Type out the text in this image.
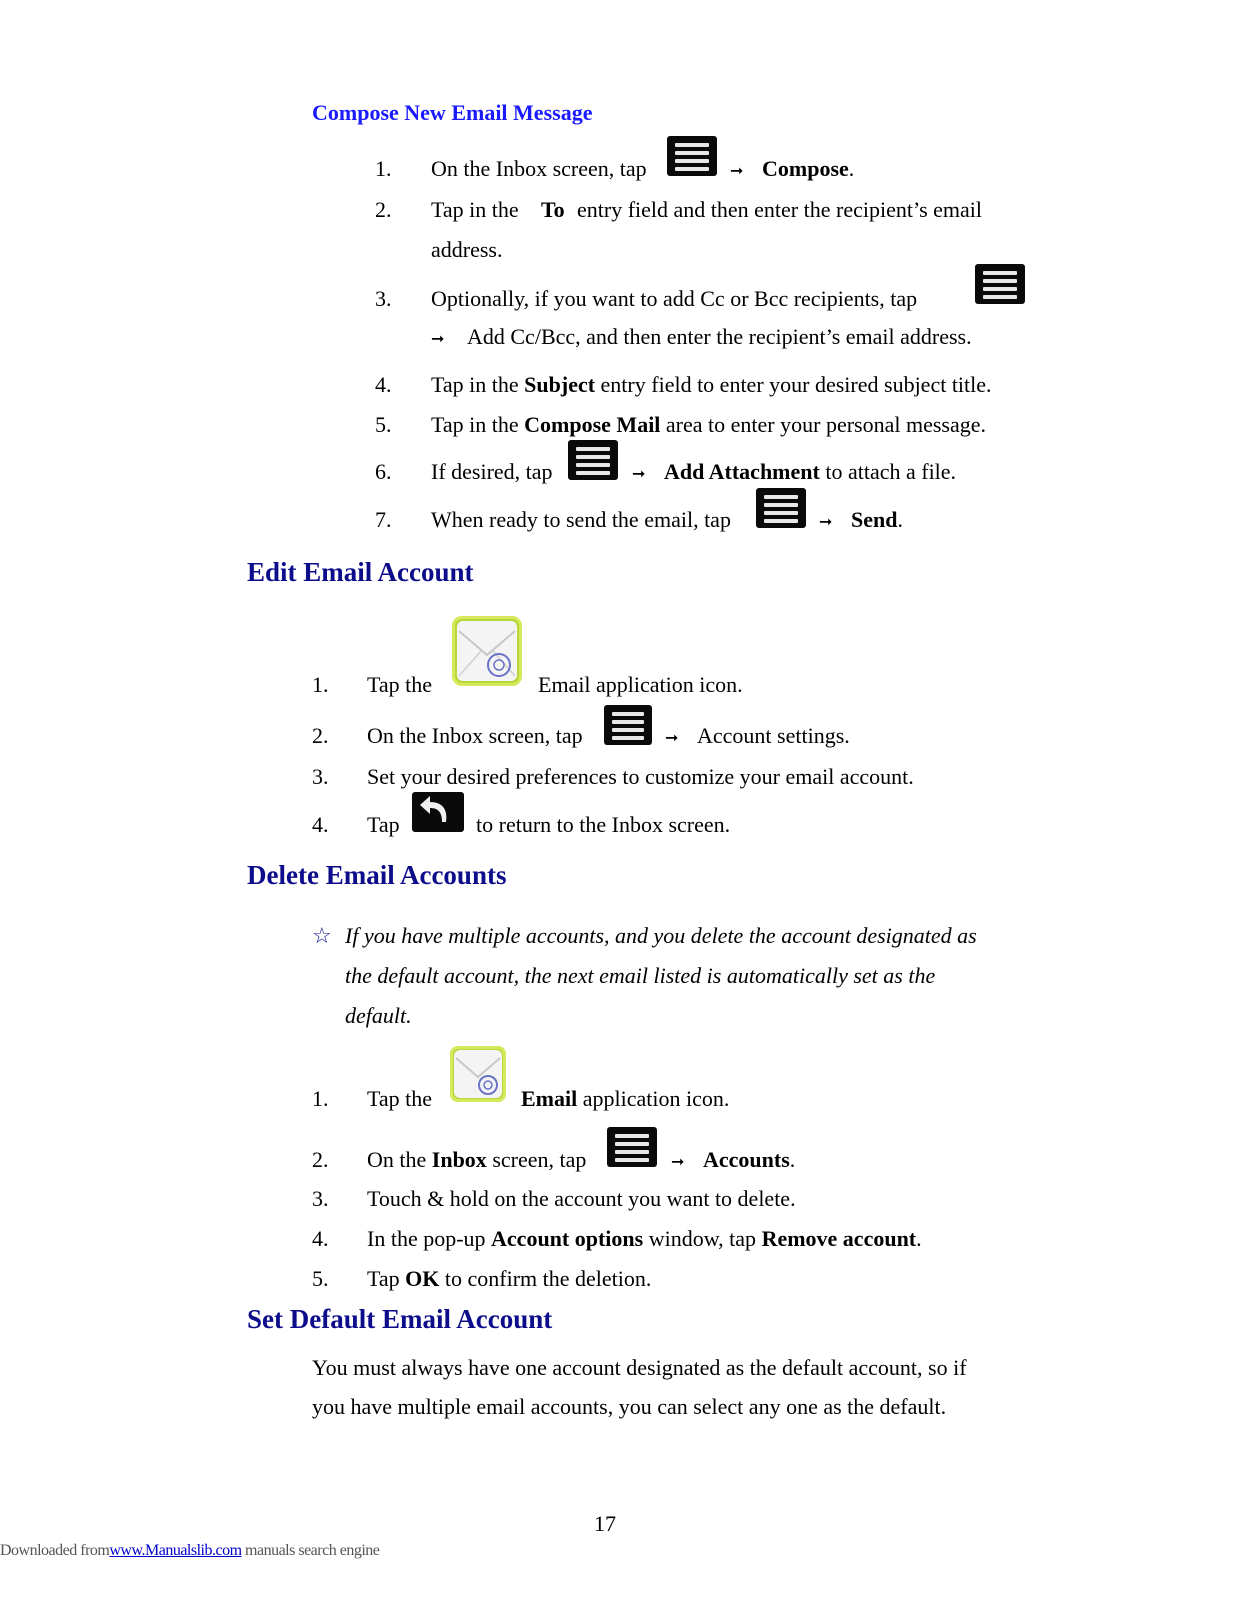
Compose New Email Message
1. On the Inbox screen, tap	➞ Compose.
2. Tap in the To entry field and then enter the recipient’s email
address.
3. Optionally, if you want to add Cc or Bcc recipients, tap
➞ Add Cc/Bcc, and then enter the recipient’s email address.
4. Tap in the Subject entry field to enter your desired subject title.
5. Tap in the Compose Mail area to enter your personal message.
6. If desired, tap	➞ Add Attachment to attach a file.
7. When ready to send the email, tap	➞ Send.
Edit Email Account
1. Tap the	Email application icon.
2. On the Inbox screen, tap	➞ Account settings.
3. Set your desired preferences to customize your email account.
4. Tap	to return to the Inbox screen.
Delete Email Accounts
☆ If you have multiple accounts, and you delete the account designated as
the default account, the next email listed is automatically set as the
default.
1. Tap the	Email application icon.
2. On the Inbox screen, tap	➞ Accounts.
3. Touch & hold on the account you want to delete.
4. In the pop-up Account options window, tap Remove account.
5. Tap OK to confirm the deletion.
Set Default Email Account
You must always have one account designated as the default account, so if
you have multiple email accounts, you can select any one as the default.
17
Downloaded fromwww.Manualslib.com manuals search engine
